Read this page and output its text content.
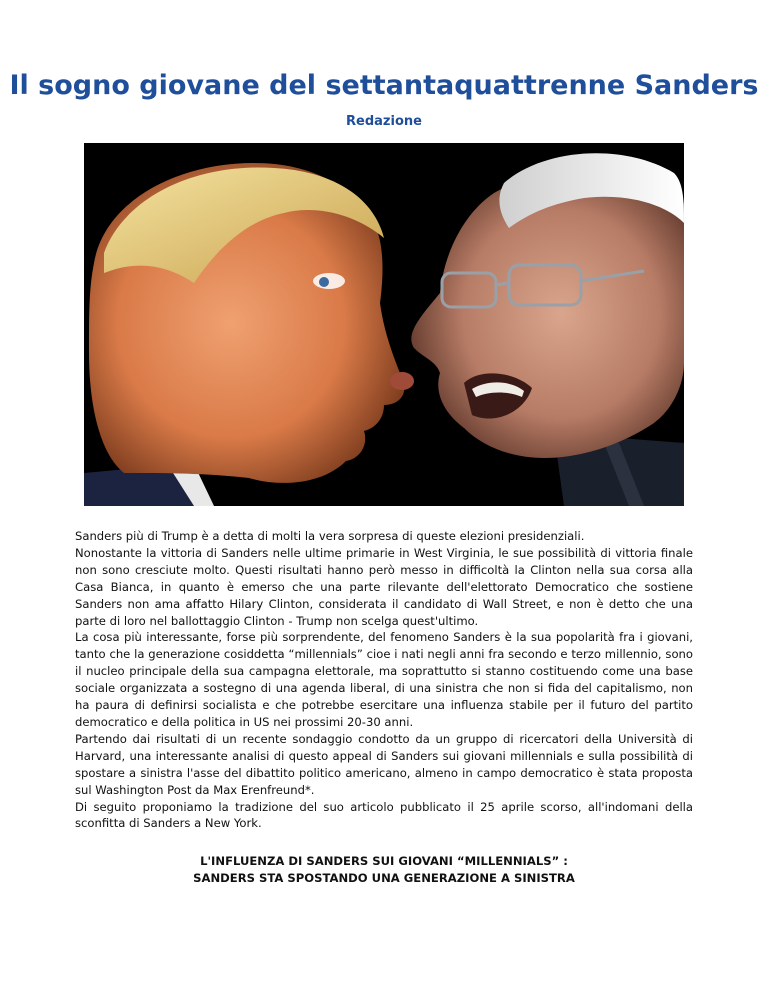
Il sogno giovane del settantaquattrenne Sanders
Redazione

Sanders più di Trump è a detta di molti la vera sorpresa di queste elezioni presidenziali.

Nonostante la vittoria di Sanders nelle ultime primarie in West Virginia, le sue possibilità di vittoria finale non sono cresciute molto. Questi risultati hanno però messo in difficoltà la Clinton nella sua corsa alla Casa Bianca, in quanto è emerso che una parte rilevante dell'elettorato Democratico che sostiene Sanders non ama affatto Hilary Clinton, considerata il candidato di Wall Street, e non è detto che una parte di loro nel ballottaggio Clinton - Trump non scelga quest'ultimo.

La cosa più interessante, forse più sorprendente, del fenomeno Sanders è la sua popolarità fra i giovani, tanto che la generazione cosiddetta “millennials” cioe i nati negli anni fra secondo e terzo millennio, sono il nucleo principale della sua campagna elettorale, ma soprattutto si stanno costituendo come una base sociale organizzata a sostegno di una agenda liberal, di una sinistra che non si fida del capitalismo, non ha paura di definirsi socialista e che potrebbe esercitare una influenza stabile per il futuro del partito democratico e della politica in US nei prossimi 20-30 anni.

Partendo dai risultati di un recente sondaggio condotto da un gruppo di ricercatori della Università di Harvard, una interessante analisi di questo appeal di Sanders sui giovani millennials e sulla possibilità di spostare a sinistra l'asse del dibattito politico americano, almeno in campo democratico è stata proposta sul Washington Post da Max Erenfreund*.

Di seguito proponiamo la tradizione del suo articolo pubblicato il 25 aprile scorso, all'indomani della sconfitta di Sanders a New York.

L'INFLUENZA DI SANDERS SUI GIOVANI “MILLENNIALS” :
SANDERS STA SPOSTANDO UNA GENERAZIONE A SINISTRA
